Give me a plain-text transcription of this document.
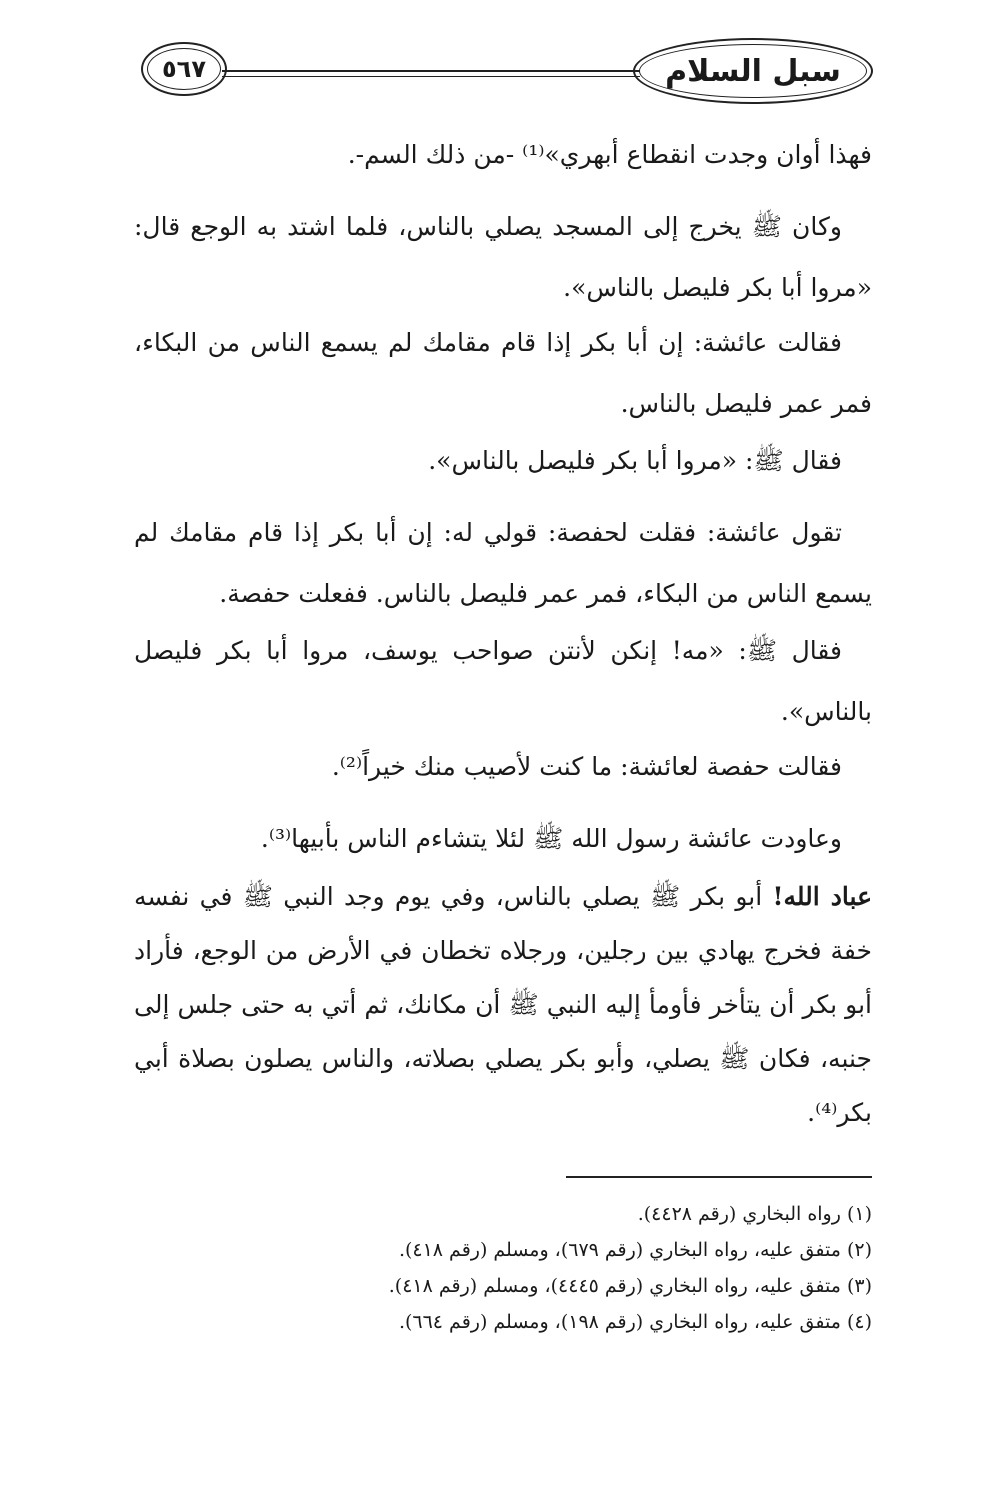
٥٦٧	سبل السلام

فهذا أوان وجدت انقطاع أبهري»⁽¹⁾ -من ذلك السم-.

وكان ﷺ يخرج إلى المسجد يصلي بالناس، فلما اشتد به الوجع قال: «مروا أبا بكر فليصل بالناس».

فقالت عائشة: إن أبا بكر إذا قام مقامك لم يسمع الناس من البكاء، فمر عمر فليصل بالناس.

فقال ﷺ: «مروا أبا بكر فليصل بالناس».

تقول عائشة: فقلت لحفصة: قولي له: إن أبا بكر إذا قام مقامك لم يسمع الناس من البكاء، فمر عمر فليصل بالناس. ففعلت حفصة.

فقال ﷺ: «مه! إنكن لأنتن صواحب يوسف، مروا أبا بكر فليصل بالناس».

فقالت حفصة لعائشة: ما كنت لأصيب منك خيراً⁽²⁾.

وعاودت عائشة رسول الله ﷺ لئلا يتشاءم الناس بأبيها⁽³⁾.

عباد الله! أبو بكر ﷺ يصلي بالناس، وفي يوم وجد النبي ﷺ في نفسه خفة فخرج يهادي بين رجلين، ورجلاه تخطان في الأرض من الوجع، فأراد أبو بكر أن يتأخر فأومأ إليه النبي ﷺ أن مكانك، ثم أتي به حتى جلس إلى جنبه، فكان ﷺ يصلي، وأبو بكر يصلي بصلاته، والناس يصلون بصلاة أبي بكر⁽⁴⁾.

(١) رواه البخاري (رقم ٤٤٢٨).

(٢) متفق عليه، رواه البخاري (رقم ٦٧٩)، ومسلم (رقم ٤١٨).

(٣) متفق عليه، رواه البخاري (رقم ٤٤٤٥)، ومسلم (رقم ٤١٨).

(٤) متفق عليه، رواه البخاري (رقم ١٩٨)، ومسلم (رقم ٦٦٤).
